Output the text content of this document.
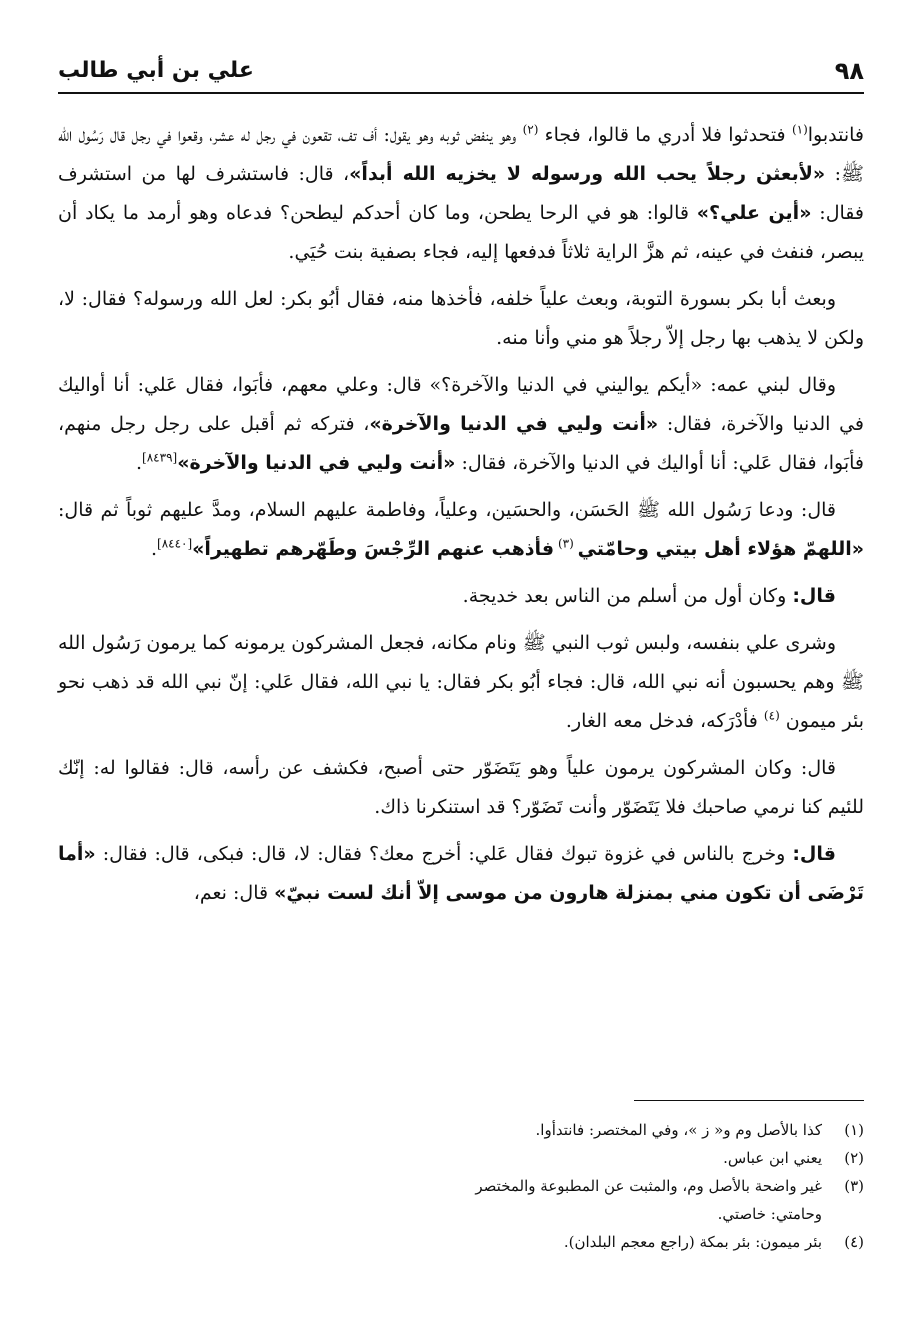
٩٨
علي بن أبي طالب

فانتدبوا$^{(١)}$ فتحدثوا فلا أدري ما قالوا، فجاء $^{(٢)}$ وهو ينفض ثوبه وهو يقول: أف تف، تقعون في رجل له عشر، وقعوا في رجل قال رَسُول الله ﷺ: «لأبعثن رجلاً يحب الله ورسوله لا يخزيه الله أبداً»، قال: فاستشرف لها من استشرف فقال: «أين علي؟» قالوا: هو في الرحا يطحن، وما كان أحدكم ليطحن؟ فدعاه وهو أرمد ما يكاد أن يبصر، فنفث في عينه، ثم هزَّ الراية ثلاثاً فدفعها إليه، فجاء بصفية بنت حُيَي.

وبعث أبا بكر بسورة التوبة، وبعث علياً خلفه، فأخذها منه، فقال أبُو بكر: لعل الله ورسوله؟ فقال: لا، ولكن لا يذهب بها رجل إلاّ رجلاً هو مني وأنا منه.

وقال لبني عمه: «أيكم يواليني في الدنيا والآخرة؟» قال: وعلي معهم، فأبَوا، فقال عَلي: أنا أواليك في الدنيا والآخرة، فقال: «أنت وليي في الدنيا والآخرة»، فتركه ثم أقبل على رجل رجل منهم، فأبَوا، فقال عَلي: أنا أواليك في الدنيا والآخرة، فقال: «أنت وليي في الدنيا والآخرة»[٨٤٣٩].

قال: ودعا رَسُول الله ﷺ الحَسَن، والحسَين، وعلياً، وفاطمة عليهم السلام، ومدَّ عليهم ثوباً ثم قال: «اللهمّ هؤلاء أهل بيتي وحامّتي $^{(٣)}$ فأذهب عنهم الرِّجْسَ وطَهّرهم تطهيراً»[٨٤٤٠].

قال: وكان أول من أسلم من الناس بعد خديجة.

وشرى علي بنفسه، ولبس ثوب النبي ﷺ ونام مكانه، فجعل المشركون يرمونه كما يرمون رَسُول الله ﷺ وهم يحسبون أنه نبي الله، قال: فجاء أبُو بكر فقال: يا نبي الله، فقال عَلي: إنّ نبي الله قد ذهب نحو بئر ميمون $^{(٤)}$ فأدْرَكه، فدخل معه الغار.

قال: وكان المشركون يرمون علياً وهو يَتَضَوّر حتى أصبح، فكشف عن رأسه، قال: فقالوا له: إنّك للئيم كنا نرمي صاحبك فلا يَتَضَوّر وأنت تَضَوّر؟ قد استنكرنا ذاك.

قال: وخرج بالناس في غزوة تبوك فقال عَلي: أخرج معك؟ فقال: لا، قال: فبكى، قال: فقال: «أما تَرْضَى أن تكون مني بمنزلة هارون من موسى إلاّ أنك لست نبيّ» قال: نعم،

(١)
كذا بالأصل وم و« ز »، وفي المختصر: فانتدأوا.
(٢)
يعني ابن عباس.
(٣)
غير واضحة بالأصل وم، والمثبت عن المطبوعة والمختصر
وحامتي: خاصتي.
(٤)
بئر ميمون: بئر بمكة (راجع معجم البلدان).
